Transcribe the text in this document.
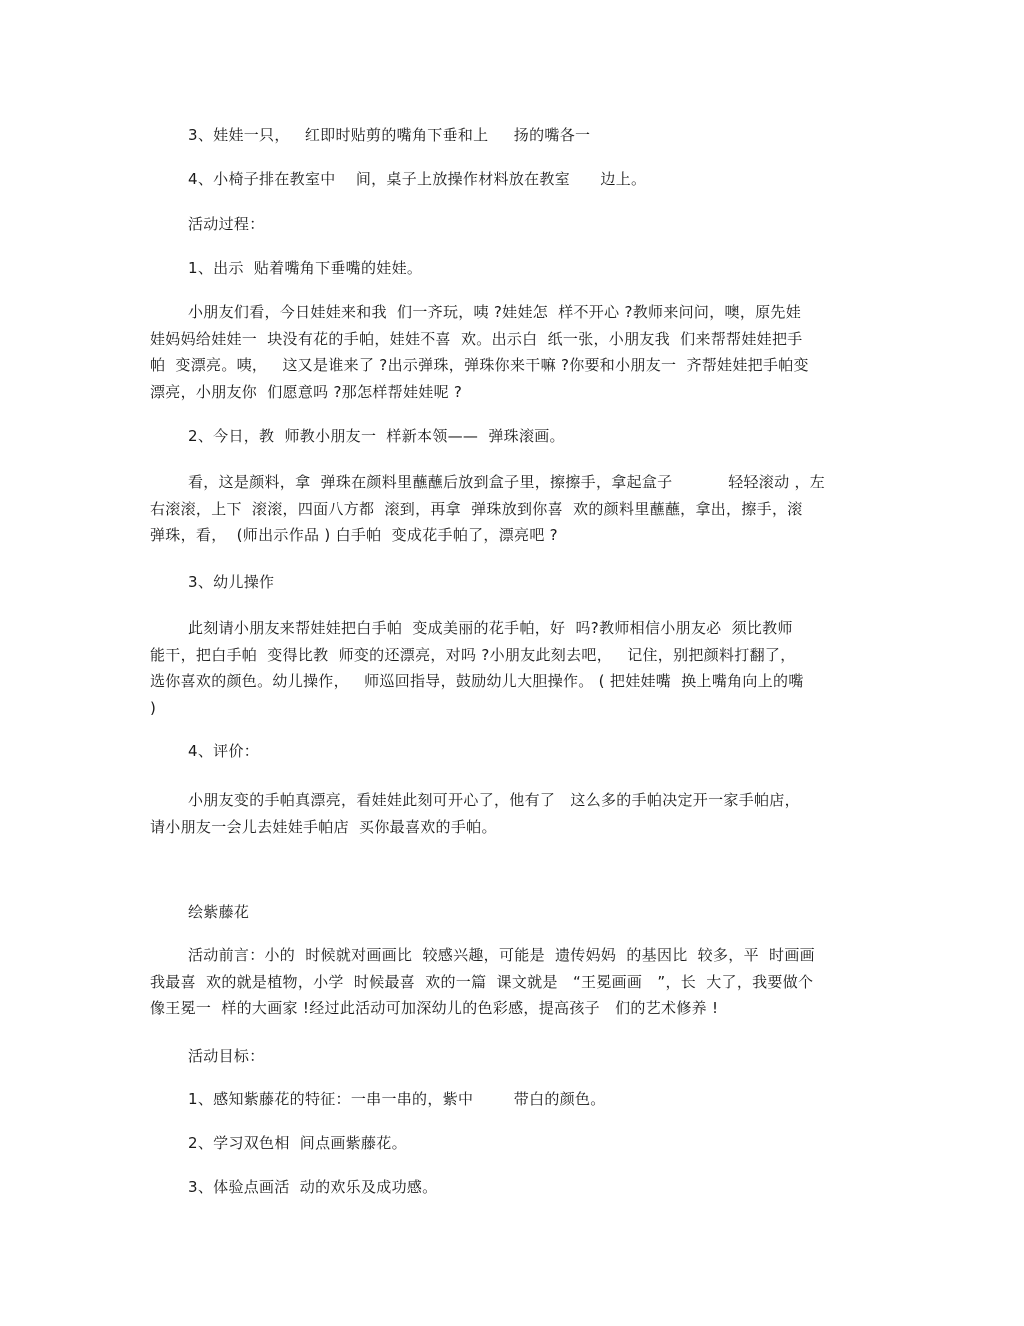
3、娃娃一只，   红即时贴剪的嘴角下垂和上     扬的嘴各一
4、小椅子排在教室中    间，桌子上放操作材料放在教室      边上。
活动过程：
1、出示  贴着嘴角下垂嘴的娃娃。
小朋友们看，今日娃娃来和我  们一齐玩，咦 ?娃娃怎  样不开心 ?教师来问问，噢，原先娃
娃妈妈给娃娃一  块没有花的手帕，娃娃不喜  欢。出示白  纸一张，小朋友我  们来帮帮娃娃把手
帕  变漂亮。咦，   这又是谁来了 ?出示弹珠，弹珠你来干嘛 ?你要和小朋友一  齐帮娃娃把手帕变
漂亮，小朋友你  们愿意吗 ?那怎样帮娃娃呢 ?
2、今日，教  师教小朋友一  样新本领——  弹珠滚画。
看，这是颜料，拿  弹珠在颜料里蘸蘸后放到盒子里，擦擦手，拿起盒子           轻轻滚动 ，左
右滚滚，上下  滚滚，四面八方都  滚到，再拿  弹珠放到你喜  欢的颜料里蘸蘸，拿出，擦手，滚
弹珠，看，  (师出示作品 ) 白手帕  变成花手帕了，漂亮吧 ?
3、幼儿操作
此刻请小朋友来帮娃娃把白手帕  变成美丽的花手帕，好  吗?教师相信小朋友必  须比教师
能干，把白手帕  变得比教  师变的还漂亮，对吗 ?小朋友此刻去吧，   记住，别把颜料打翻了，
选你喜欢的颜色。幼儿操作，   师巡回指导，鼓励幼儿大胆操作。 ( 把娃娃嘴  换上嘴角向上的嘴
)
4、评价：
小朋友变的手帕真漂亮，看娃娃此刻可开心了，他有了   这么多的手帕决定开一家手帕店，
请小朋友一会儿去娃娃手帕店  买你最喜欢的手帕。
绘紫藤花
活动前言：小的  时候就对画画比  较感兴趣，可能是  遗传妈妈  的基因比  较多，平  时画画
我最喜  欢的就是植物，小学  时候最喜  欢的一篇  课文就是   “王冕画画   ”，长  大了，我要做个
像王冕一  样的大画家 !经过此活动可加深幼儿的色彩感，提高孩子   们的艺术修养 !
活动目标：
1、感知紫藤花的特征：一串一串的，紫中        带白的颜色。
2、学习双色相  间点画紫藤花。
3、体验点画活  动的欢乐及成功感。
